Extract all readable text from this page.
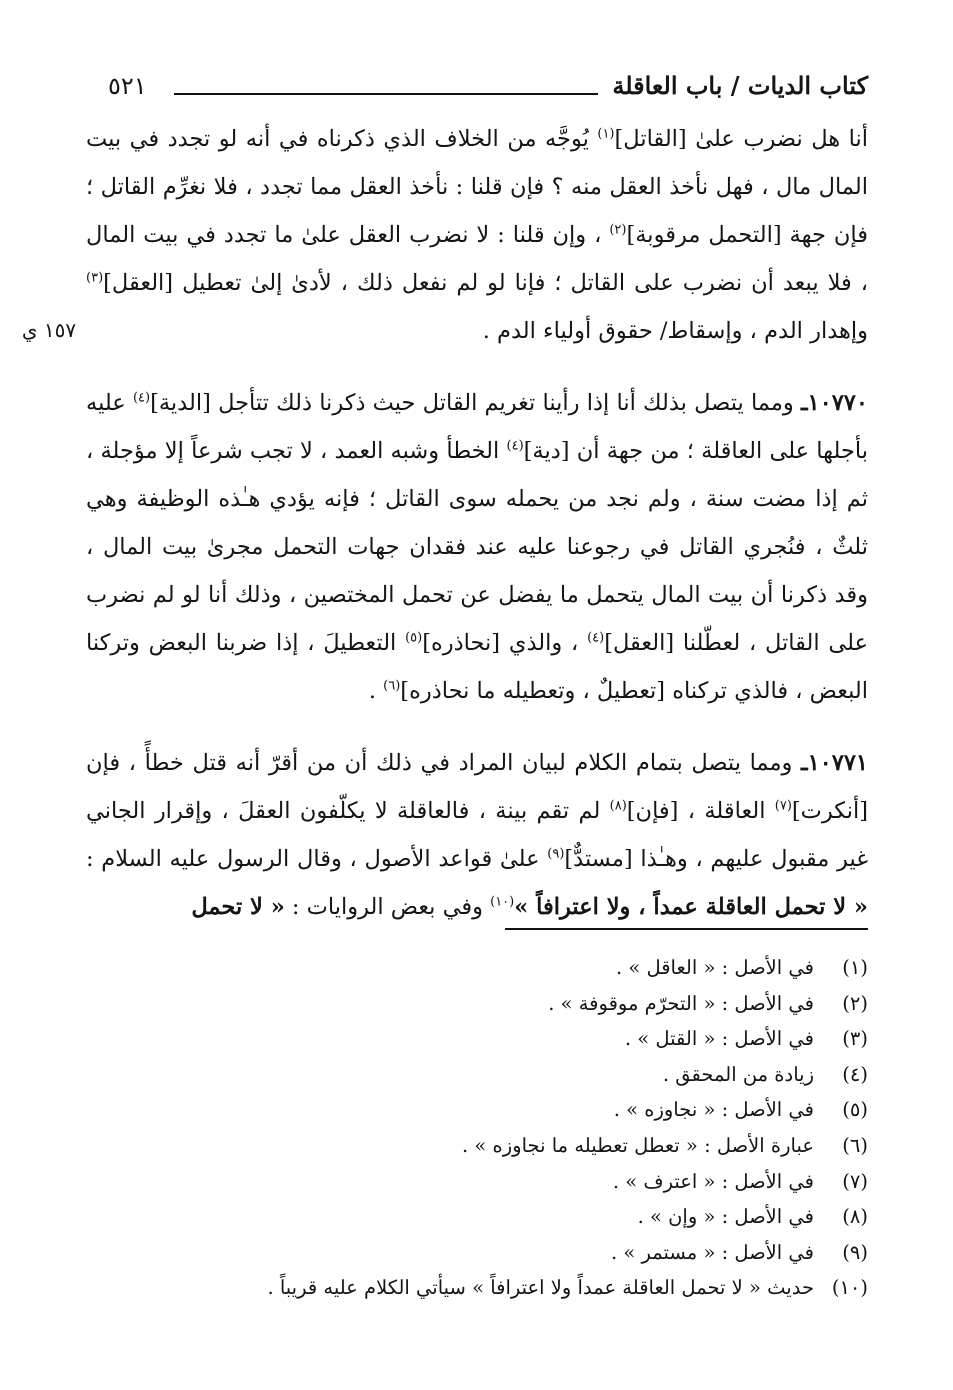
كتاب الديات / باب العاقلة
٥٢١
١٥٧ ي

أنا هل نضرب علىٰ [القاتل]$^{(١)}$ يُوجَّه من الخلاف الذي ذكرناه في أنه لو تجدد في بيت المال مال ، فهل نأخذ العقل منه ؟ فإن قلنا : نأخذ العقل مما تجدد ، فلا نغرِّم القاتل ؛ فإن جهة [التحمل مرقوبة]$^{(٢)}$ ، وإن قلنا : لا نضرب العقل علىٰ ما تجدد في بيت المال ، فلا يبعد أن نضرب على القاتل ؛ فإنا لو لم نفعل ذلك ، لأدىٰ إلىٰ تعطيل [العقل]$^{(٣)}$ وإهدار الدم ، وإسقاط/ حقوق أولياء الدم .

١٠٧٧٠ـ ومما يتصل بذلك أنا إذا رأينا تغريم القاتل حيث ذكرنا ذلك تتأجل [الدية]$^{(٤)}$ عليه بأجلها على العاقلة ؛ من جهة أن [دية]$^{(٤)}$ الخطأ وشبه العمد ، لا تجب شرعاً إلا مؤجلة ، ثم إذا مضت سنة ، ولم نجد من يحمله سوى القاتل ؛ فإنه يؤدي هـٰذه الوظيفة وهي ثلثٌ ، فنُجري القاتل في رجوعنا عليه عند فقدان جهات التحمل مجرىٰ بيت المال ، وقد ذكرنا أن بيت المال يتحمل ما يفضل عن تحمل المختصين ، وذلك أنا لو لم نضرب على القاتل ، لعطّلنا [العقل]$^{(٤)}$ ، والذي [نحاذره]$^{(٥)}$ التعطيلَ ، إذا ضربنا البعض وتركنا البعض ، فالذي تركناه [تعطيلٌ ، وتعطيله ما نحاذره]$^{(٦)}$ .

١٠٧٧١ـ ومما يتصل بتمام الكلام لبيان المراد في ذلك أن من أقرّ أنه قتل خطأً ، فإن [أنكرت]$^{(٧)}$ العاقلة ، [فإن]$^{(٨)}$ لم تقم بينة ، فالعاقلة لا يكلّفون العقلَ ، وإقرار الجاني غير مقبول عليهم ، وهـٰذا [مستدٌّ]$^{(٩)}$ علىٰ قواعد الأصول ، وقال الرسول عليه السلام : « لا تحمل العاقلة عمداً ، ولا اعترافاً »$^{(١٠)}$ وفي بعض الروايات : « لا تحمل

(١)
في الأصل : « العاقل » .
(٢)
في الأصل : « التحرّم موقوفة » .
(٣)
في الأصل : « القتل » .
(٤)
زيادة من المحقق .
(٥)
في الأصل : « نجاوزه » .
(٦)
عبارة الأصل : « تعطل تعطيله ما نجاوزه » .
(٧)
في الأصل : « اعترف » .
(٨)
في الأصل : « وإن » .
(٩)
في الأصل : « مستمر » .
(١٠)
حديث « لا تحمل العاقلة عمداً ولا اعترافاً » سيأتي الكلام عليه قريباً .
